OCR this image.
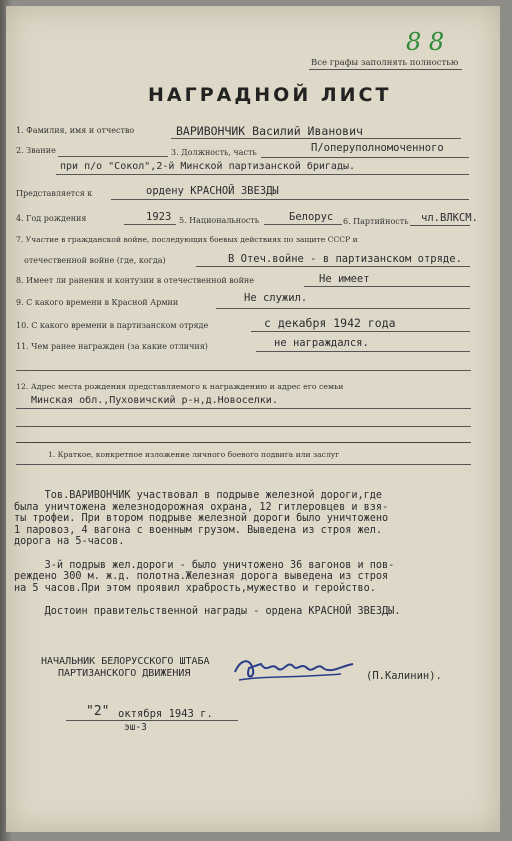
8 8
Все графы заполнять полностью
НАГРАДНОЙ ЛИСТ
1. Фамилия, имя и отчество	ВАРИВОНЧИК Василий Иванович
2. Звание	3. Должность, часть	П/оперуполномоченного
при п/о "Сокол",2-й Минской партизанской бригады.
Представляется к	ордену КРАСНОЙ ЗВЕЗДЫ
4. Год рождения	1923 5. Национальность	Белорус 6. Партийность чл.ВЛКСМ.
7. Участие в гражданской войне, последующих боевых действиях по защите СССР и
отечественной войне (где, когда)	В Отеч.войне - в партизанском отряде.
8. Имеет ли ранения и контузии в отечественной войне	Не имеет
9. С какого времени в Красной Армии	Не служил.
10. С какого времени в партизанском отряде	с декабря 1942 года
11. Чем ранее награжден (за какие отличия)	не награждался.
12. Адрес места рождения представляемого к награждению и адрес его семьи
Минская обл.,Пуховичский р-н,д.Новоселки.
1. Краткое, конкретное изложение личного боевого подвига или заслуг
Тов.ВАРИВОНЧИК участвовал в подрыве железной дороги,где
была уничтожена железнодорожная охрана, 12 гитлеровцев и взя-
ты трофеи. При втором подрыве железной дороги было уничтожено
1 паровоз, 4 вагона с военным грузом. Выведена из строя жел.
дорога на 5-часов.

3-й подрыв жел.дороги - было уничтожено 36 вагонов и пов-
реждено 300 м. ж.д. полотна.Железная дорога выведена из строя
на 5 часов.При этом проявил храбрость,мужество и геройство.

Достоин правительственной награды - ордена КРАСНОЙ ЗВЕЗДЫ.
НАЧАЛЬНИК БЕЛОРУССКОГО ШТАБА
ПАРТИЗАНСКОГО ДВИЖЕНИЯ	(П.Калинин).
"2" октября 1943 г.
эш-3
